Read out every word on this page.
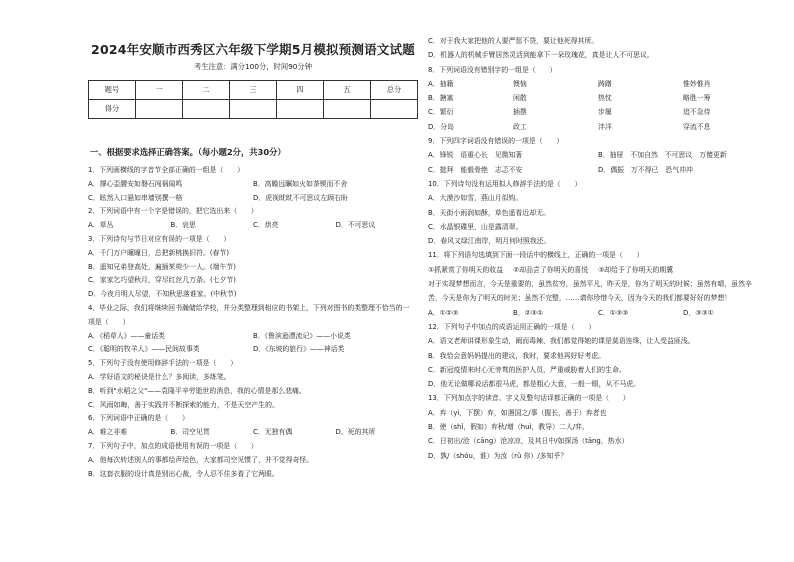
2024年安顺市西秀区六年级下学期5月模拟预测语文试题
考生注意：满分100分，时间90分钟
题号	一	二	三	四	五	总分
得分						
一、根据要求选择正确答案。（每小题2分，共30分）
1．下列画横线的字音节全部正确的一组是（　　）
A．撑心歪腰安如磐石闯祸闻鸣	B．高瞻远瞩如火如荼锲而不舍
C．眩然入口悬如串墙别撰一格	D．虎视眈眈不可思议左顾右盼
2．下列词语中有一个字是错误的，把它选出来（　　）
A．草丛	B．哀思	C．烘亮	D．不可思议
3．下列诗句与节日对应有误的一项是（　　）
A．千门万户曈曈日，总把新桃换旧符。(春节)
B．遥知兄弟登高处，遍插茱萸少一人。(端午节)
C．家家乞巧望秋月，穿尽红丝几万条。(七夕节)
D．今夜月明人尽望，不知秋思落谁家。(中秋节)
4．毕业之际，我们将继续回书瀚储给学校，并分类整理到相应的书架上，下列对图书的类整理不恰当的一
项是（　　）
A．《稻草人》——童话类	B．《鲁滨逊漂流记》——小说类
C．《聪明的牧羊人》——民间故事类	D．《东坡的旅行》——神话类
5．下列句子没有使用修辞手法的一项是（　　）
A．学好语文的秘诀是什么？多阅读，多练笔。
B．听到"水稻之父"——袁隆平辛劳逝世的消息，我的心情是那么悲痛。
C．风雨如晦，善于实践并不断探索的能力，不是天空产生的。
6．下列词语中正确的是（　　）
A．难之非难	B．司空见贯	C．无独有偶	D．死的其所
7．下列句子中，加点的成语使用有误的一项是（　　）
A．他每次转述别人的事都绘声绘色，大家都司空见惯了，并不觉得奇怪。
B．这套衣服的设计真是别出心裁，令人忍不住多看了它两眼。
C．对于我大家把他的人要严惩不贷，要让他死得其所。
D．机器人的机械手臂居然灵活到能拿下一朵玫瑰花，真是让人不可思议。
8．下列词语没有错别字的一组是（　　）
A．抽籍	懊恼	踌躇	惟妙惟肖
B．搪塞	闲散	热忱	略胜一筹
C．繁衍	插摆	步履	追不急待
D．分岛	政工	沣洋	穿流不息
9．下列四字词语没有错误的一项是（　　）
A．锋锐　语重心长　见微知著	B．抽屉　不加自然　不可思议　万傻更新
C．挺拜　能毅骨绝　志忑不安	D．偶振　万不得已　恐气冲冲
10．下列诗句没有运用拟人修辞手法的是（　　）
A．大漠沙如雪，燕山月似钩。
B．天街小雨润如酥，草色遥看近却无。
C．水晶银碟里，山是露清翠。
D．春风又绿江南岸，明月何时照我还。
11．将下列语句选填到下面一段话中的横线上，正确的一项是（　　）
①抓紧赏了你明天的收益	②却品尝了你明天的喜悦	③却给予了你明天的期冀
对于实现梦想而言，今天是重要的，虽然贫穷，虽然平凡，昨天是，你为了明天的时候；虽然有晴，虽然辛
苦，今天是你为了明天的时光；虽然不完整，……请你珍惜今天，因为今天的我们都要好好的梦想！
A．①②③	B．②③①	C．①③③	D．③③①
12．下列句子中加点的成语运用正确的一项是（　　）
A．语文老师讲课形象生动，阐而毒辣，我们都觉得她的课是莫语连珠，让人受益匪浅。
B．我恰会意妈妈提出的建议，我时，要求他再好好考虑。
C．新冠疫情来时心无旁骛的医护人员，严重威胁着人们的生命。
D．他无论做哪说话都很马虎，都是粗心大意，一般一眼，从不马虎。
13．下列加点字的读音、字义及整句话译都正确的一项是（　　）
A．弃（yì，下摆）弃，如遇国之/事（握长，善于）弃者也
B．使（shǐ，假如）弃秋/增（huì，教导）二人/弈。
C．日初出/沧（cāng）沧凉凉，及其日中/如探汤（tāng，热水）
D．孰/（shóu，谁）为汝（rǔ 你）/多知乎？
